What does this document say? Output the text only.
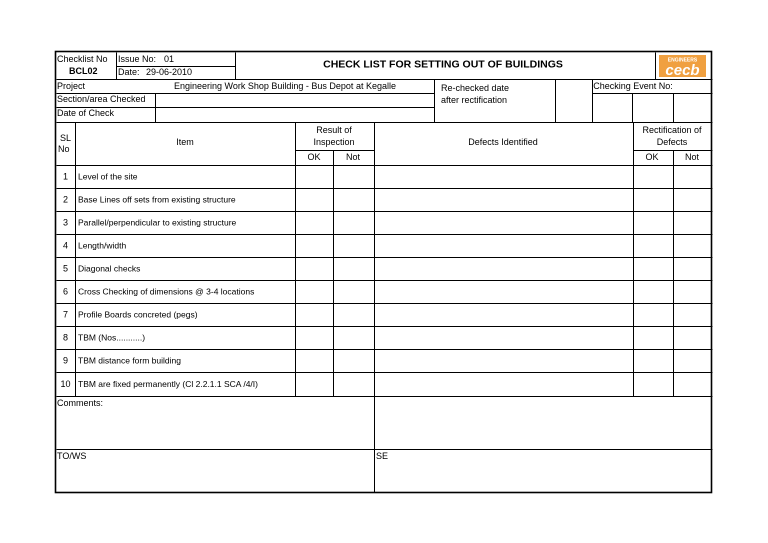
Checklist No
BCL02
Issue No: 01
Date: 29-06-2010
CHECK LIST FOR SETTING OUT OF BUILDINGS	ENGINEERS
cecb
Project	Engineering Work Shop Building - Bus Depot at Kegalle
Section/area Checked
Date of Check
Re-checked date
after rectification
Checking Event No:
SL
No
Item
Result of
Inspection
OK	Not
Defects Identified
Rectification of
Defects
OK	Not
1 Level of the site
2 Base Lines off sets from existing structure
3 Parallel/perpendicular to existing structure
4 Length/width
5 Diagonal checks
6 Cross Checking of dimensions @ 3-4 locations
7 Profile Boards concreted (pegs)
8 TBM (Nos...........)
9 TBM distance form building
10 TBM are fixed permanently (Cl 2.2.1.1 SCA /4/I)
Comments:
TO/WS	SE
